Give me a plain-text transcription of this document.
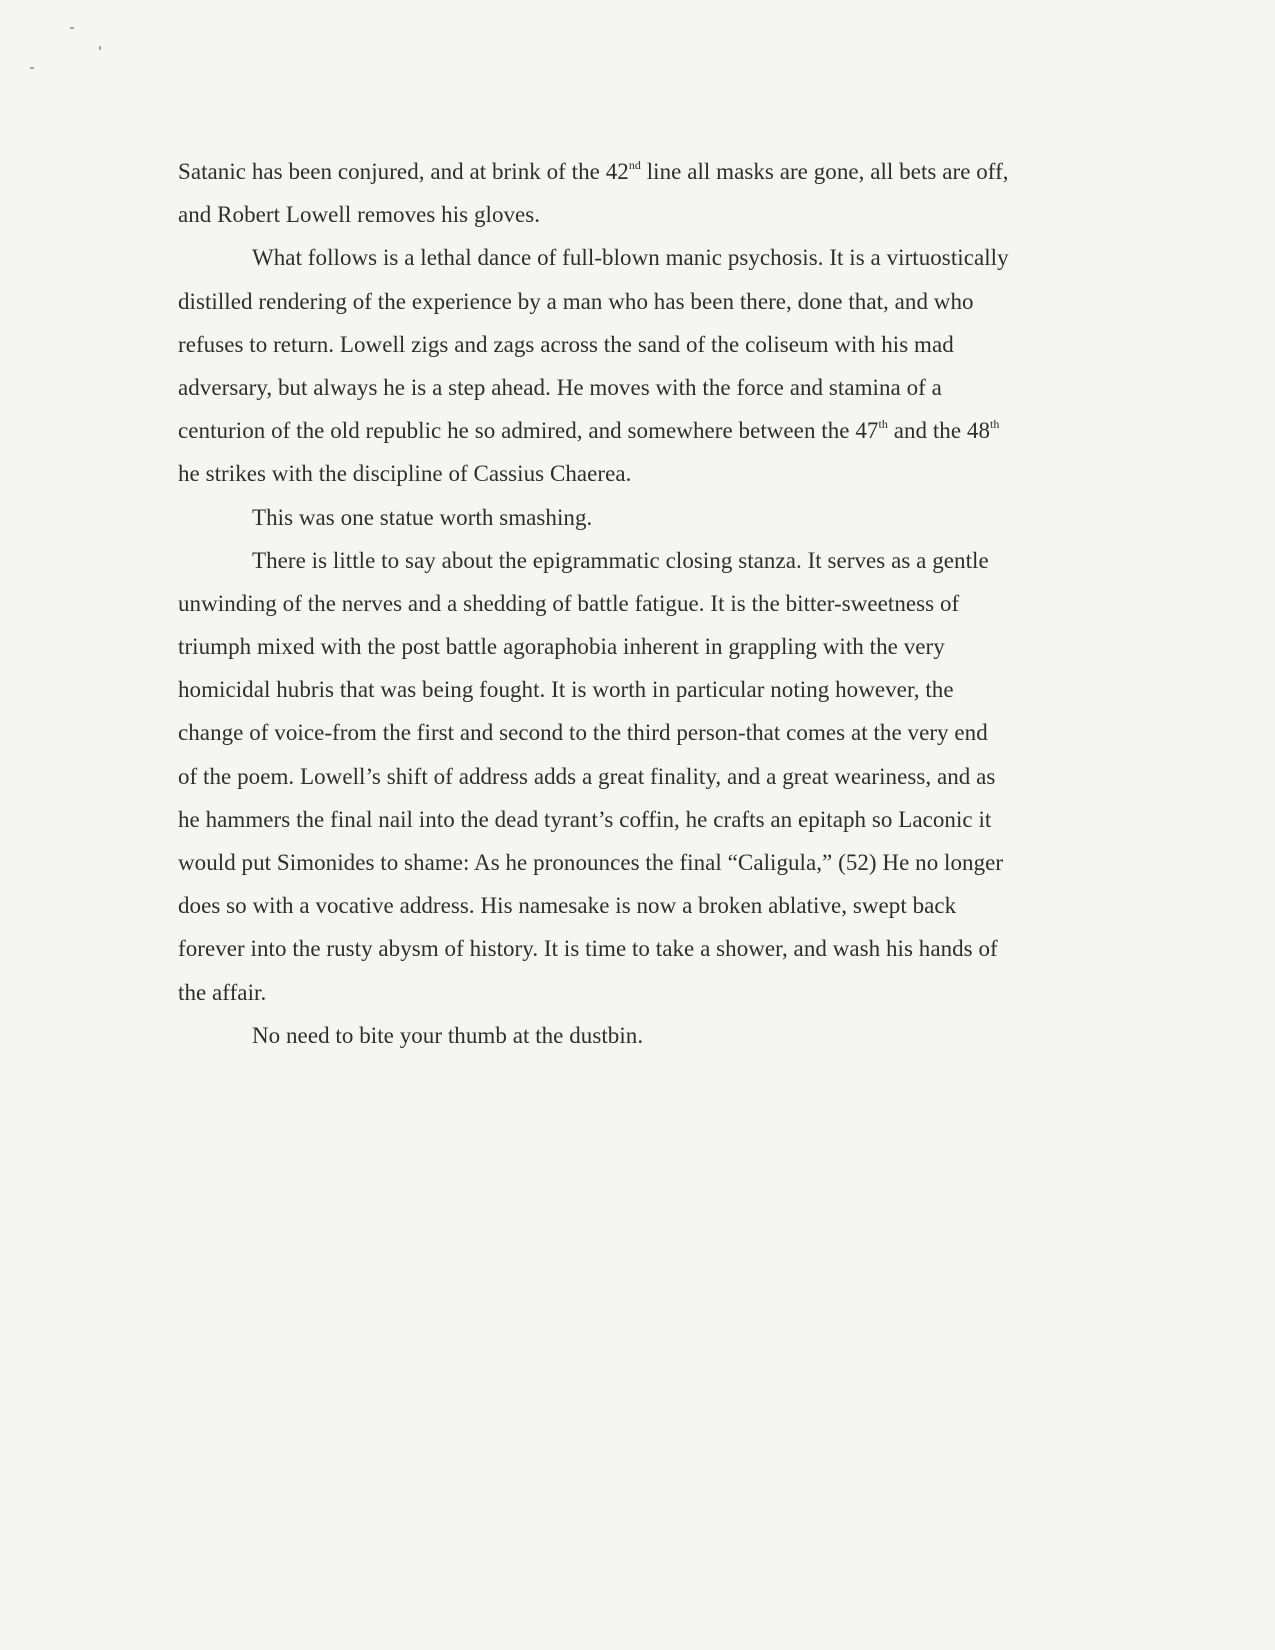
Satanic has been conjured, and at brink of the 42nd line all masks are gone, all bets are off,
and Robert Lowell removes his gloves.
What follows is a lethal dance of full-blown manic psychosis. It is a virtuostically
distilled rendering of the experience by a man who has been there, done that, and who
refuses to return. Lowell zigs and zags across the sand of the coliseum with his mad
adversary, but always he is a step ahead. He moves with the force and stamina of a
centurion of the old republic he so admired, and somewhere between the 47th and the 48th
he strikes with the discipline of Cassius Chaerea.
This was one statue worth smashing.
There is little to say about the epigrammatic closing stanza. It serves as a gentle
unwinding of the nerves and a shedding of battle fatigue. It is the bitter-sweetness of
triumph mixed with the post battle agoraphobia inherent in grappling with the very
homicidal hubris that was being fought. It is worth in particular noting however, the
change of voice-from the first and second to the third person-that comes at the very end
of the poem. Lowell’s shift of address adds a great finality, and a great weariness, and as
he hammers the final nail into the dead tyrant’s coffin, he crafts an epitaph so Laconic it
would put Simonides to shame: As he pronounces the final “Caligula,” (52) He no longer
does so with a vocative address. His namesake is now a broken ablative, swept back
forever into the rusty abysm of history. It is time to take a shower, and wash his hands of
the affair.
No need to bite your thumb at the dustbin.
